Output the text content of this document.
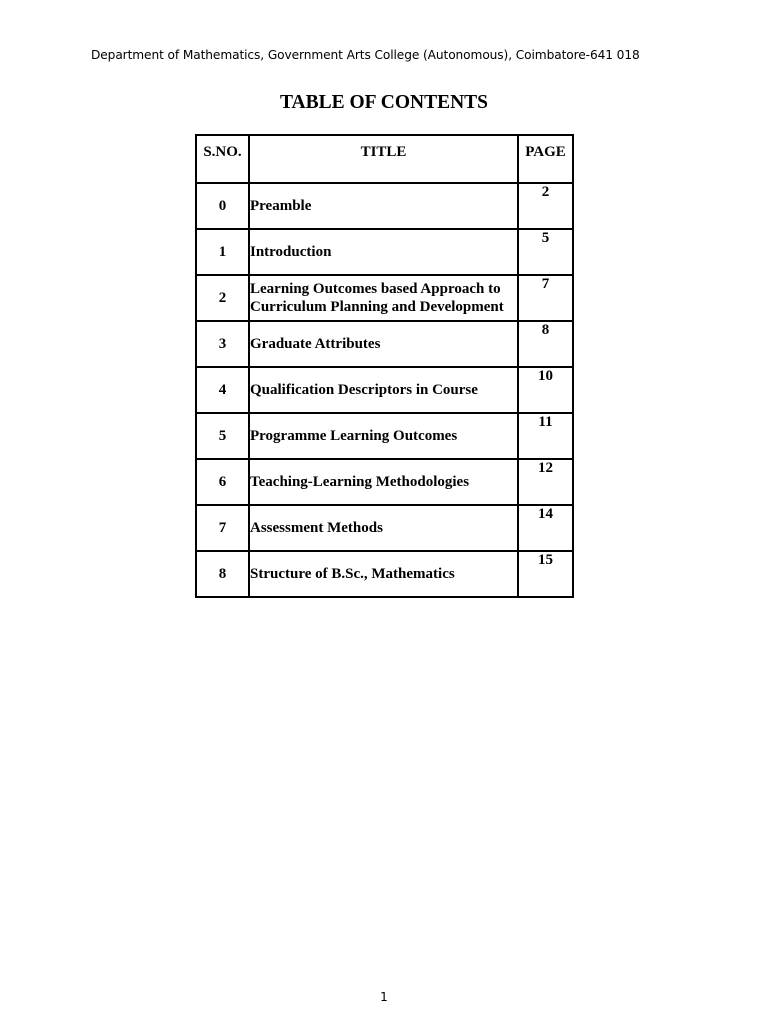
Department of Mathematics, Government Arts College (Autonomous), Coimbatore-641 018
TABLE OF CONTENTS
S.NO.	TITLE	PAGE
0	Preamble	2
1	Introduction	5
2	Learning Outcomes based Approach to Curriculum Planning and Development	7
3	Graduate Attributes	8
4	Qualification Descriptors in Course	10
5	Programme Learning Outcomes	11
6	Teaching-Learning Methodologies	12
7	Assessment Methods	14
8	Structure of B.Sc., Mathematics	15
1
